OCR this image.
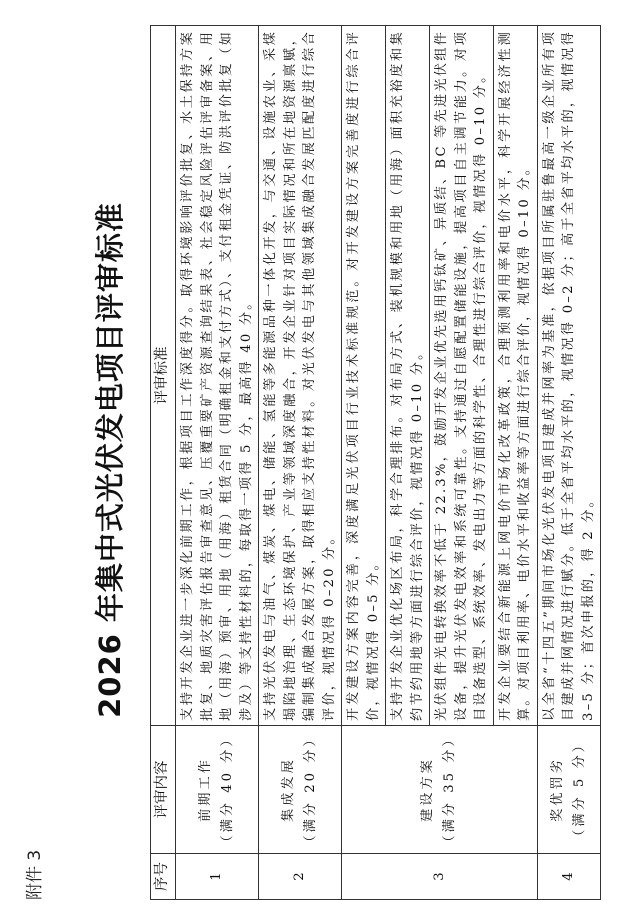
附件 3
2026 年集中式光伏发电项目评审标准
序号	评审内容	评审标准
1	前期工作 （满分 40 分）	支持开发企业进一步深化前期工作，根据项目工作深度得分。取得环境影响评价批复、水土保持方案批复、地质灾害评估报告审查意见、压覆重要矿产资源查询结果表、社会稳定风险评估评审备案、用地（用海）预审、用地（用海）租赁合同（明确租金和支付方式）、支付租金凭证、防洪评价批复（如涉及）等支持性材料的，每取得一项得 5 分，最高得 40 分。
2	集成发展 （满分 20 分）	支持光伏发电与油气、煤炭、煤电、储能、氢能等多能源品种一体化开发，与交通、设施农业、采煤塌陷地治理、生态环境保护、产业等领域深度融合，开发企业针对项目实际情况和所在地资源禀赋，编制集成融合发展方案，取得相应支持性材料。对光伏发电与其他领域集成融合发展匹配度进行综合评价，视情况得 0–20 分。
3	建设方案 （满分 35 分）	开发建设方案内容完善，深度满足光伏项目行业技术标准规范。对开发建设方案完善度进行综合评价，视情况得 0–5 分。
		支持开发企业优化场区布局，科学合理排布。对布局方式、装机规模和用地（用海）面积充裕度和集约节约用地等方面进行综合评价，视情况得 0–10 分。
		光伏组件光电转换效率不低于 22.3%，鼓励开发企业优先选用钙钛矿、异质结、BC 等先进光伏组件设备，提升光伏发电效率和系统可靠性。支持通过自愿配置储能设施，提高项目自主调节能力。对项目设备选型、系统效率、发电出力等方面的科学性、合理性进行综合评价，视情况得 0–10 分。
		开发企业要结合新能源上网电价市场化改革政策，合理预测利用率和电价水平，科学开展经济性测算。对项目利用率、电价水平和收益率等方面进行综合评价，视情况得 0–10 分。
4	奖优罚劣 （满分 5 分）	以全省“十四五”期间市场化光伏发电项目建成并网率为基准，依据项目所属驻鲁最高一级企业所有项目建成并网情况进行赋分。低于全省平均水平的，视情况得 0–2 分；高于全省平均水平的，视情况得 3–5 分；首次申报的，得 2 分。
